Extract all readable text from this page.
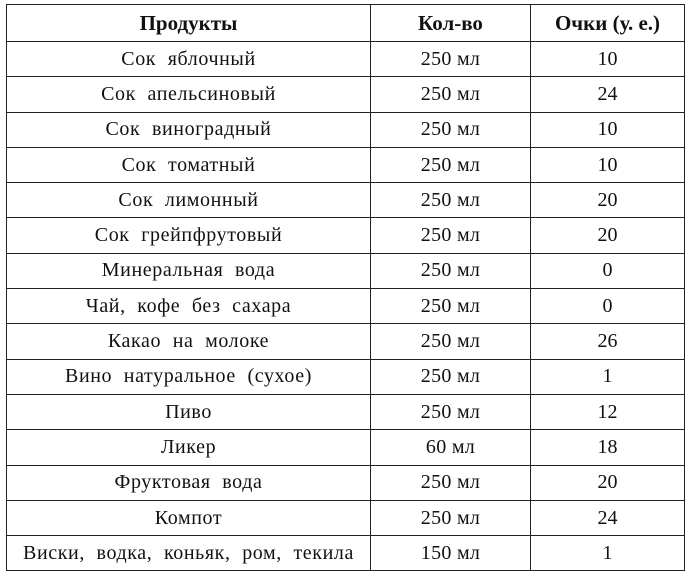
Продукты	Кол-во	Очки (у. е.)
Сок яблочный	250 мл	10
Сок апельсиновый	250 мл	24
Сок виноградный	250 мл	10
Сок томатный	250 мл	10
Сок лимонный	250 мл	20
Сок грейпфрутовый	250 мл	20
Минеральная вода	250 мл	0
Чай, кофе без сахара	250 мл	0
Какао на молоке	250 мл	26
Вино натуральное (сухое)	250 мл	1
Пиво	250 мл	12
Ликер	60 мл	18
Фруктовая вода	250 мл	20
Компот	250 мл	24
Виски, водка, коньяк, ром, текила	150 мл	1
